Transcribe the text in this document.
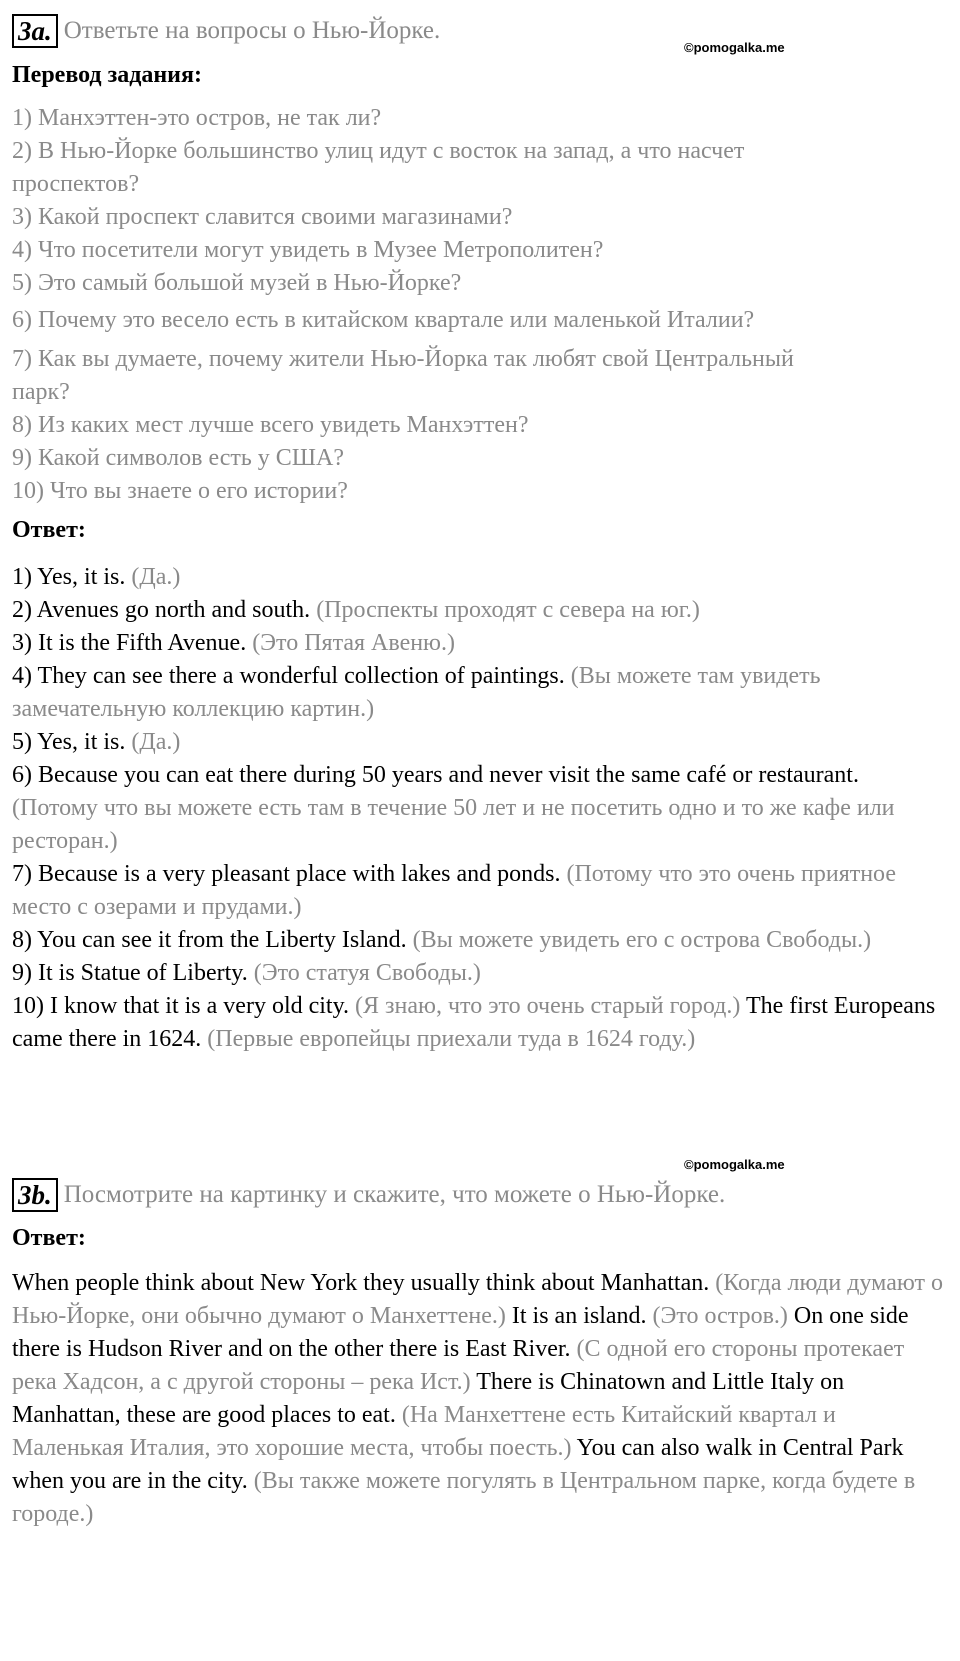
3a. Ответьте на вопросы о Нью-Йорке.
©pomogalka.me
Перевод задания:

1) Манхэттен-это остров, не так ли?

2) В Нью-Йорке большинство улиц идут с восток на запад, а что насчет

проспектов?

3) Какой проспект славится своими магазинами?

4) Что посетители могут увидеть в Музее Метрополитен?

5) Это самый большой музей в Нью-Йорке?

6) Почему это весело есть в китайском квартале или маленькой Италии?

7) Как вы думаете, почему жители Нью-Йорка так любят свой Центральный

парк?

8) Из каких мест лучше всего увидеть Манхэттен?

9) Какой символов есть у США?

10) Что вы знаете о его истории?

Ответ:

1) Yes, it is. (Да.)

2) Avenues go north and south. (Проспекты проходят с севера на юг.)

3) It is the Fifth Avenue. (Это Пятая Авеню.)

4) They can see there a wonderful collection of paintings. (Вы можете там увидеть замечательную коллекцию картин.)

5) Yes, it is. (Да.)

6) Because you can eat there during 50 years and never visit the same café or restaurant. (Потому что вы можете есть там в течение 50 лет и не посетить одно и то же кафе или ресторан.)

7) Because is a very pleasant place with lakes and ponds. (Потому что это очень приятное место с озерами и прудами.)

8) You can see it from the Liberty Island. (Вы можете увидеть его с острова Свободы.)

9) It is Statue of Liberty. (Это статуя Свободы.)

10) I know that it is a very old city. (Я знаю, что это очень старый город.) The first Europeans came there in 1624. (Первые европейцы приехали туда в 1624 году.)

©pomogalka.me
3b. Посмотрите на картинку и скажите, что можете о Нью-Йорке.
Ответ:

When people think about New York they usually think about Manhattan. (Когда люди думают о Нью-Йорке, они обычно думают о Манхеттене.) It is an island. (Это остров.) On one side there is Hudson River and on the other there is East River. (С одной его стороны протекает река Хадсон, а с другой стороны – река Ист.) There is Chinatown and Little Italy on Manhattan, these are good places to eat. (На Манхеттене есть Китайский квартал и Маленькая Италия, это хорошие места, чтобы поесть.) You can also walk in Central Park when you are in the city. (Вы также можете погулять в Центральном парке, когда будете в городе.)
